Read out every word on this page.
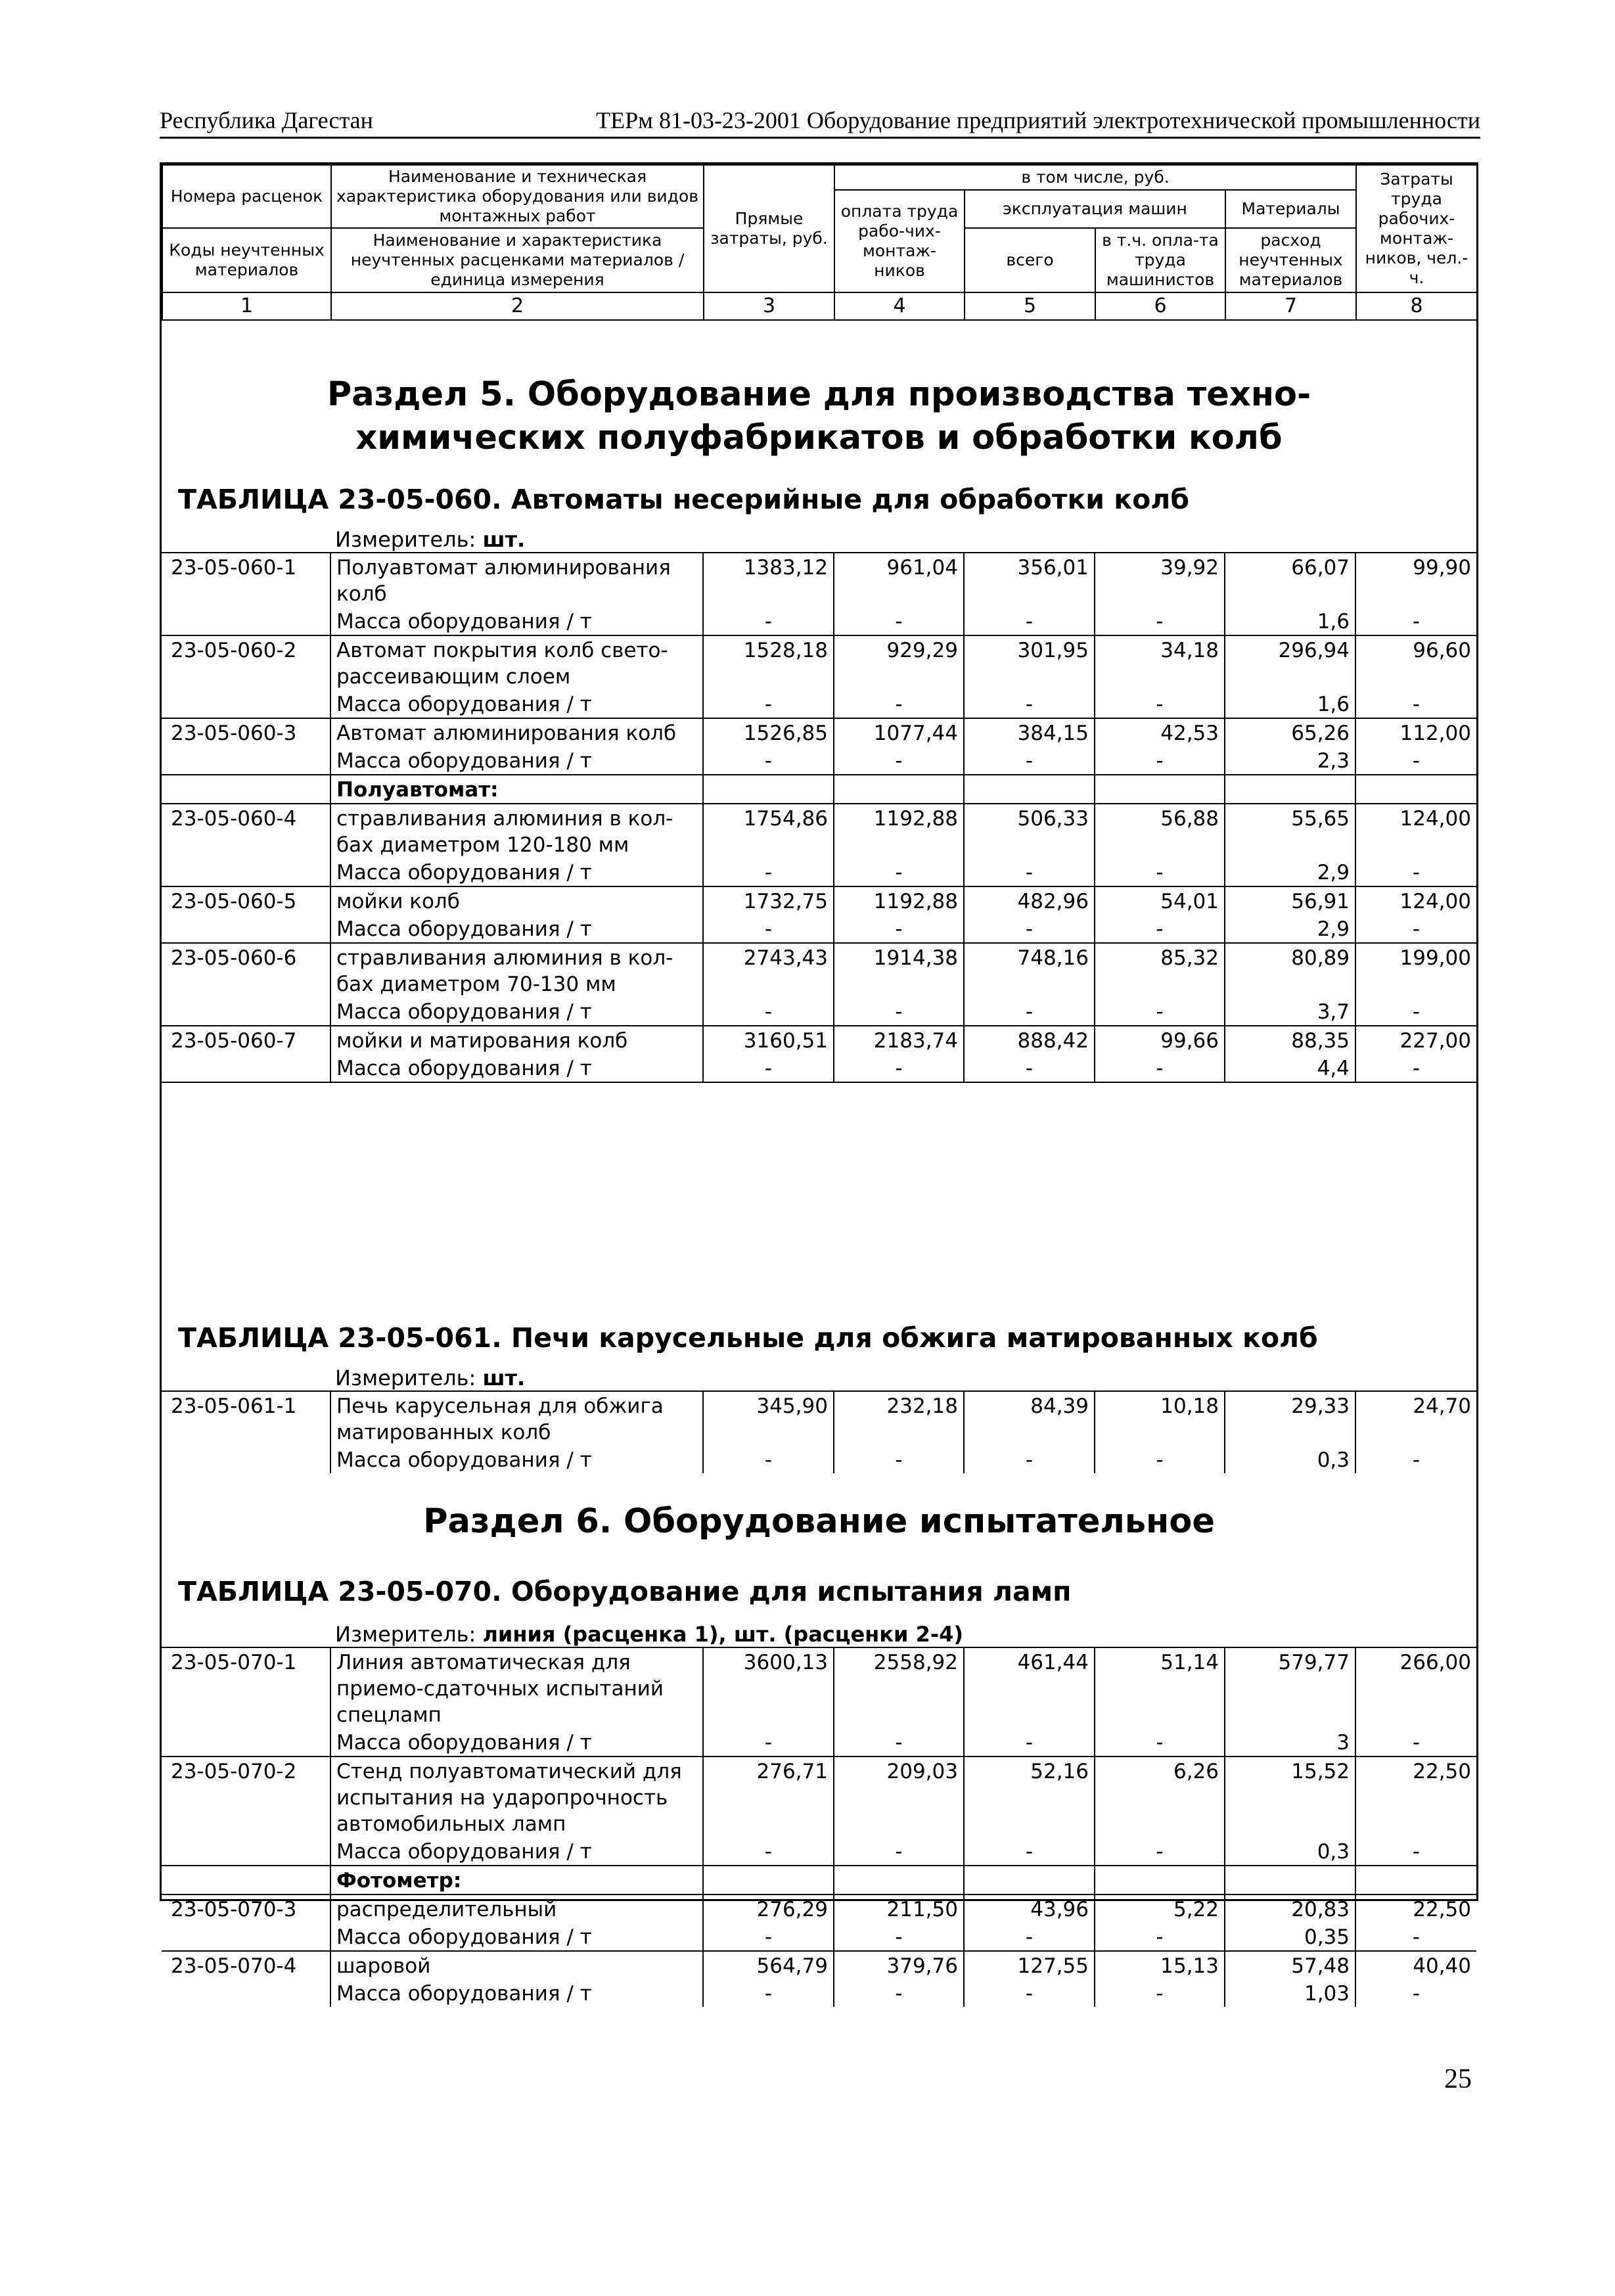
Республика Дагестан	ТЕРм 81-03-23-2001 Оборудование предприятий электротехнической промышленности
Номера расценок	Наименование и техническая характеристика оборудования или видов монтажных работ	Прямые затраты, руб.	в том числе, руб.				Затраты труда рабочих-монтаж-ников, чел.-ч.
			оплата труда рабо-чих-монтаж-ников	эксплуатация машин		Материалы	
Коды неучтенных материалов	Наименование и характеристика неучтенных расценками материалов / единица измерения			всего	в т.ч. опла-та труда машинистов	расход неучтенных материалов	

1	2	3	4	5	6	7	8
Раздел 5. Оборудование для производства техно-
химических полуфабрикатов и обработки колб
ТАБЛИЦА 23-05-060. Автоматы несерийные для обработки колб
Измеритель: шт.
23-05-060-1	Полуавтомат алюминирования
колб	1383,12	961,04	356,01	39,92	66,07	99,90
	Масса оборудования / т	-	-	-	-	1,6	-
23-05-060-2	Автомат покрытия колб свето-
рассеивающим слоем	1528,18	929,29	301,95	34,18	296,94	96,60
	Масса оборудования / т	-	-	-	-	1,6	-
23-05-060-3	Автомат алюминирования колб	1526,85	1077,44	384,15	42,53	65,26	112,00
	Масса оборудования / т	-	-	-	-	2,3	-
	Полуавтомат:						
23-05-060-4	стравливания алюминия в кол-
бах диаметром 120-180 мм	1754,86	1192,88	506,33	56,88	55,65	124,00
	Масса оборудования / т	-	-	-	-	2,9	-
23-05-060-5	мойки колб	1732,75	1192,88	482,96	54,01	56,91	124,00
	Масса оборудования / т	-	-	-	-	2,9	-
23-05-060-6	стравливания алюминия в кол-
бах диаметром 70-130 мм	2743,43	1914,38	748,16	85,32	80,89	199,00
	Масса оборудования / т	-	-	-	-	3,7	-
23-05-060-7	мойки и матирования колб	3160,51	2183,74	888,42	99,66	88,35	227,00
	Масса оборудования / т	-	-	-	-	4,4	-

ТАБЛИЦА 23-05-061. Печи карусельные для обжига матированных колб
Измеритель: шт.
23-05-061-1	Печь карусельная для обжига
матированных колб	345,90	232,18	84,39	10,18	29,33	24,70
	Масса оборудования / т	-	-	-	-	0,3	-
Раздел 6. Оборудование испытательное
ТАБЛИЦА 23-05-070. Оборудование для испытания ламп
Измеритель: линия (расценка 1), шт. (расценки 2-4)
23-05-070-1	Линия автоматическая для
приемо-сдаточных испытаний
спецламп	3600,13	2558,92	461,44	51,14	579,77	266,00
	Масса оборудования / т	-	-	-	-	3	-
23-05-070-2	Стенд полуавтоматический для
испытания на ударопрочность
автомобильных ламп	276,71	209,03	52,16	6,26	15,52	22,50
	Масса оборудования / т	-	-	-	-	0,3	-
	Фотометр:						
23-05-070-3	распределительный	276,29	211,50	43,96	5,22	20,83	22,50
	Масса оборудования / т	-	-	-	-	0,35	-
23-05-070-4	шаровой	564,79	379,76	127,55	15,13	57,48	40,40
	Масса оборудования / т	-	-	-	-	1,03	-
25
